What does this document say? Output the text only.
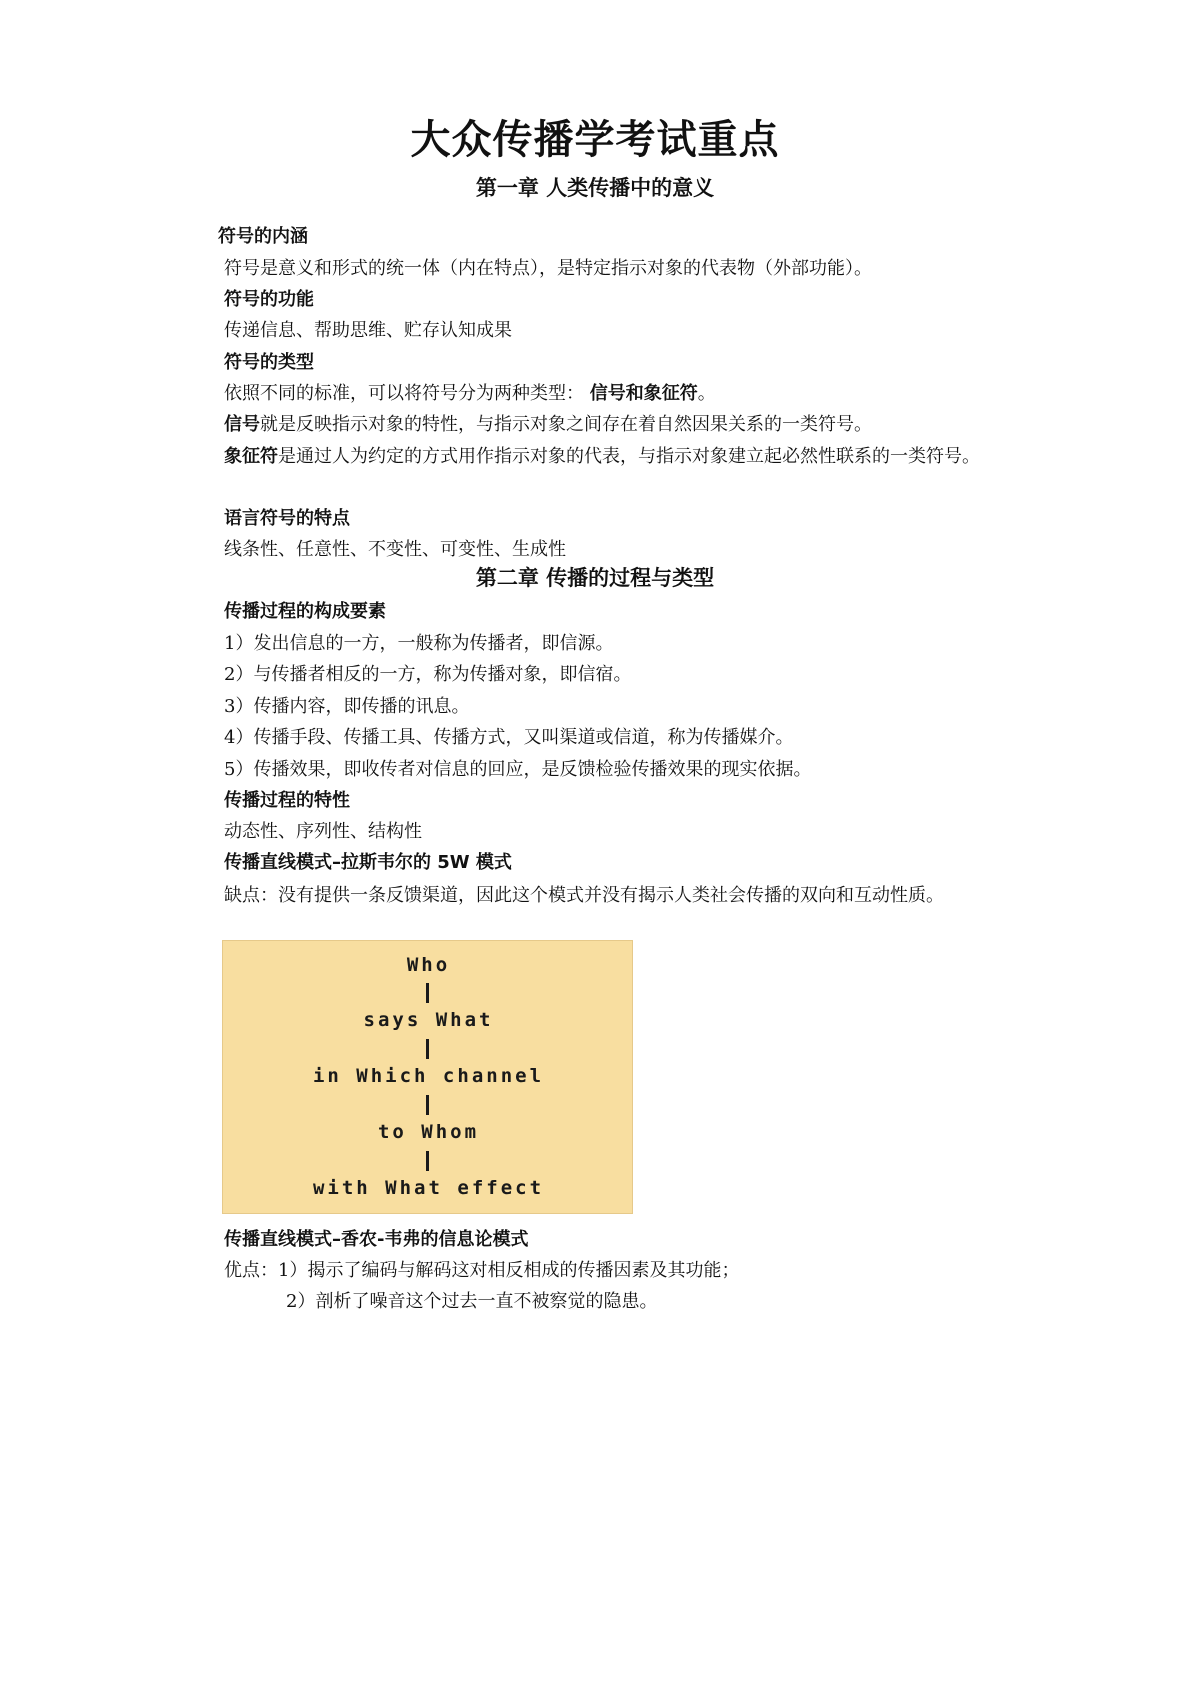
大众传播学考试重点
第一章 人类传播中的意义

符号的内涵

符号是意义和形式的统一体（内在特点），是特定指示对象的代表物（外部功能）。

符号的功能

传递信息、帮助思维、贮存认知成果

符号的类型

依照不同的标准，可以将符号分为两种类型： 信号和象征符。

信号就是反映指示对象的特性，与指示对象之间存在着自然因果关系的一类符号。

象征符是通过人为约定的方式用作指示对象的代表，与指示对象建立起必然性联系的一类符号。

语言符号的特点

线条性、任意性、不变性、可变性、生成性

第二章 传播的过程与类型

传播过程的构成要素

1）发出信息的一方，一般称为传播者，即信源。

2）与传播者相反的一方，称为传播对象，即信宿。

3）传播内容，即传播的讯息。

4）传播手段、传播工具、传播方式，又叫渠道或信道，称为传播媒介。

5）传播效果，即收传者对信息的回应，是反馈检验传播效果的现实依据。

传播过程的特性

动态性、序列性、结构性

传播直线模式–拉斯韦尔的 5W 模式

缺点：没有提供一条反馈渠道，因此这个模式并没有揭示人类社会传播的双向和互动性质。

Who
says What
in Which channel
to Whom
with What effect

传播直线模式–香农-韦弗的信息论模式

优点：1）揭示了编码与解码这对相反相成的传播因素及其功能；

2）剖析了噪音这个过去一直不被察觉的隐患。
